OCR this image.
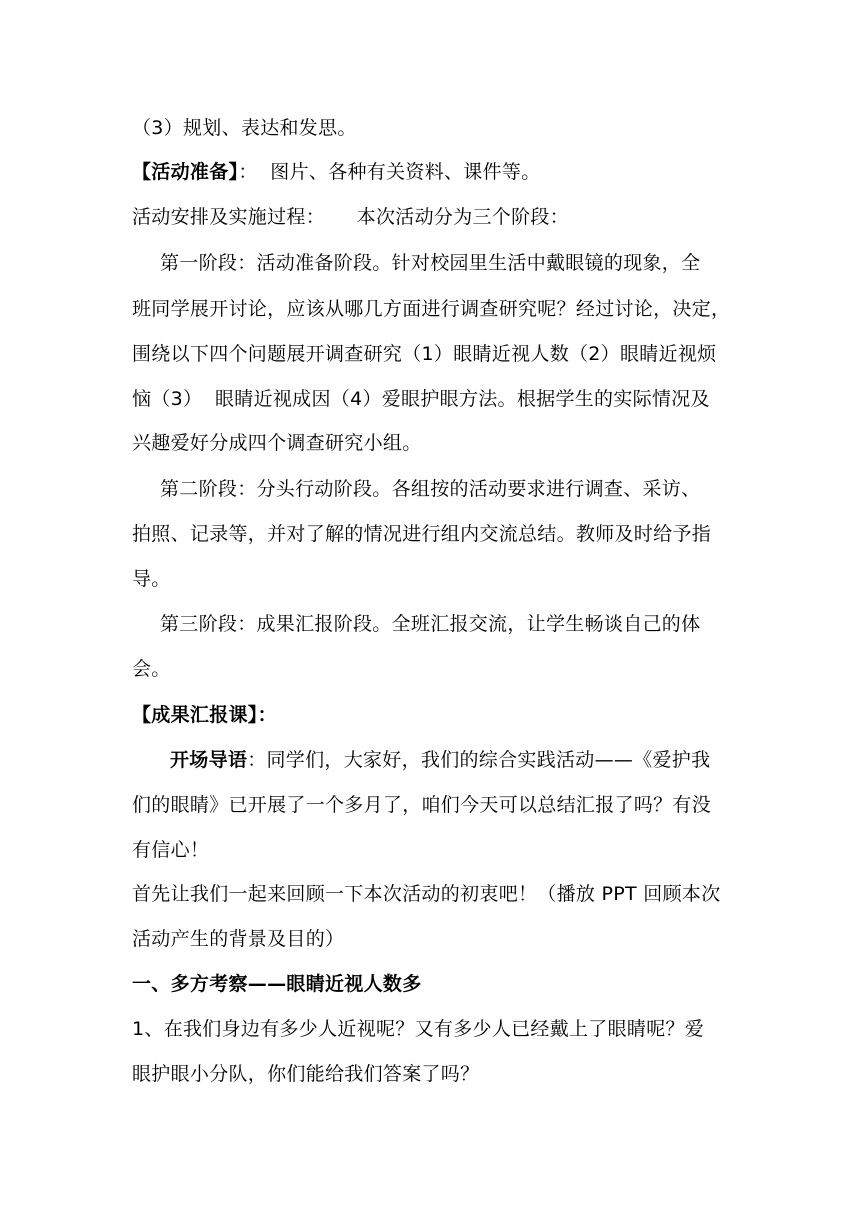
（3）规划、表达和发思。
【活动准备】：  图片、各种有关资料、课件等。
活动安排及实施过程：     本次活动分为三个阶段：
第一阶段：活动准备阶段。针对校园里生活中戴眼镜的现象，全
班同学展开讨论，应该从哪几方面进行调查研究呢？经过讨论，决定，
围绕以下四个问题展开调查研究（1）眼睛近视人数（2）眼睛近视烦
恼（3）  眼睛近视成因（4）爱眼护眼方法。根据学生的实际情况及
兴趣爱好分成四个调查研究小组。
第二阶段：分头行动阶段。各组按的活动要求进行调查、采访、
拍照、记录等，并对了解的情况进行组内交流总结。教师及时给予指
导。
第三阶段：成果汇报阶段。全班汇报交流，让学生畅谈自己的体
会。
【成果汇报课】：
开场导语：同学们，大家好，我们的综合实践活动——《爱护我
们的眼睛》已开展了一个多月了，咱们今天可以总结汇报了吗？有没
有信心！
首先让我们一起来回顾一下本次活动的初衷吧！（播放 PPT 回顾本次
活动产生的背景及目的）
一、多方考察——眼睛近视人数多
1、在我们身边有多少人近视呢？又有多少人已经戴上了眼睛呢？爱
眼护眼小分队，你们能给我们答案了吗？
